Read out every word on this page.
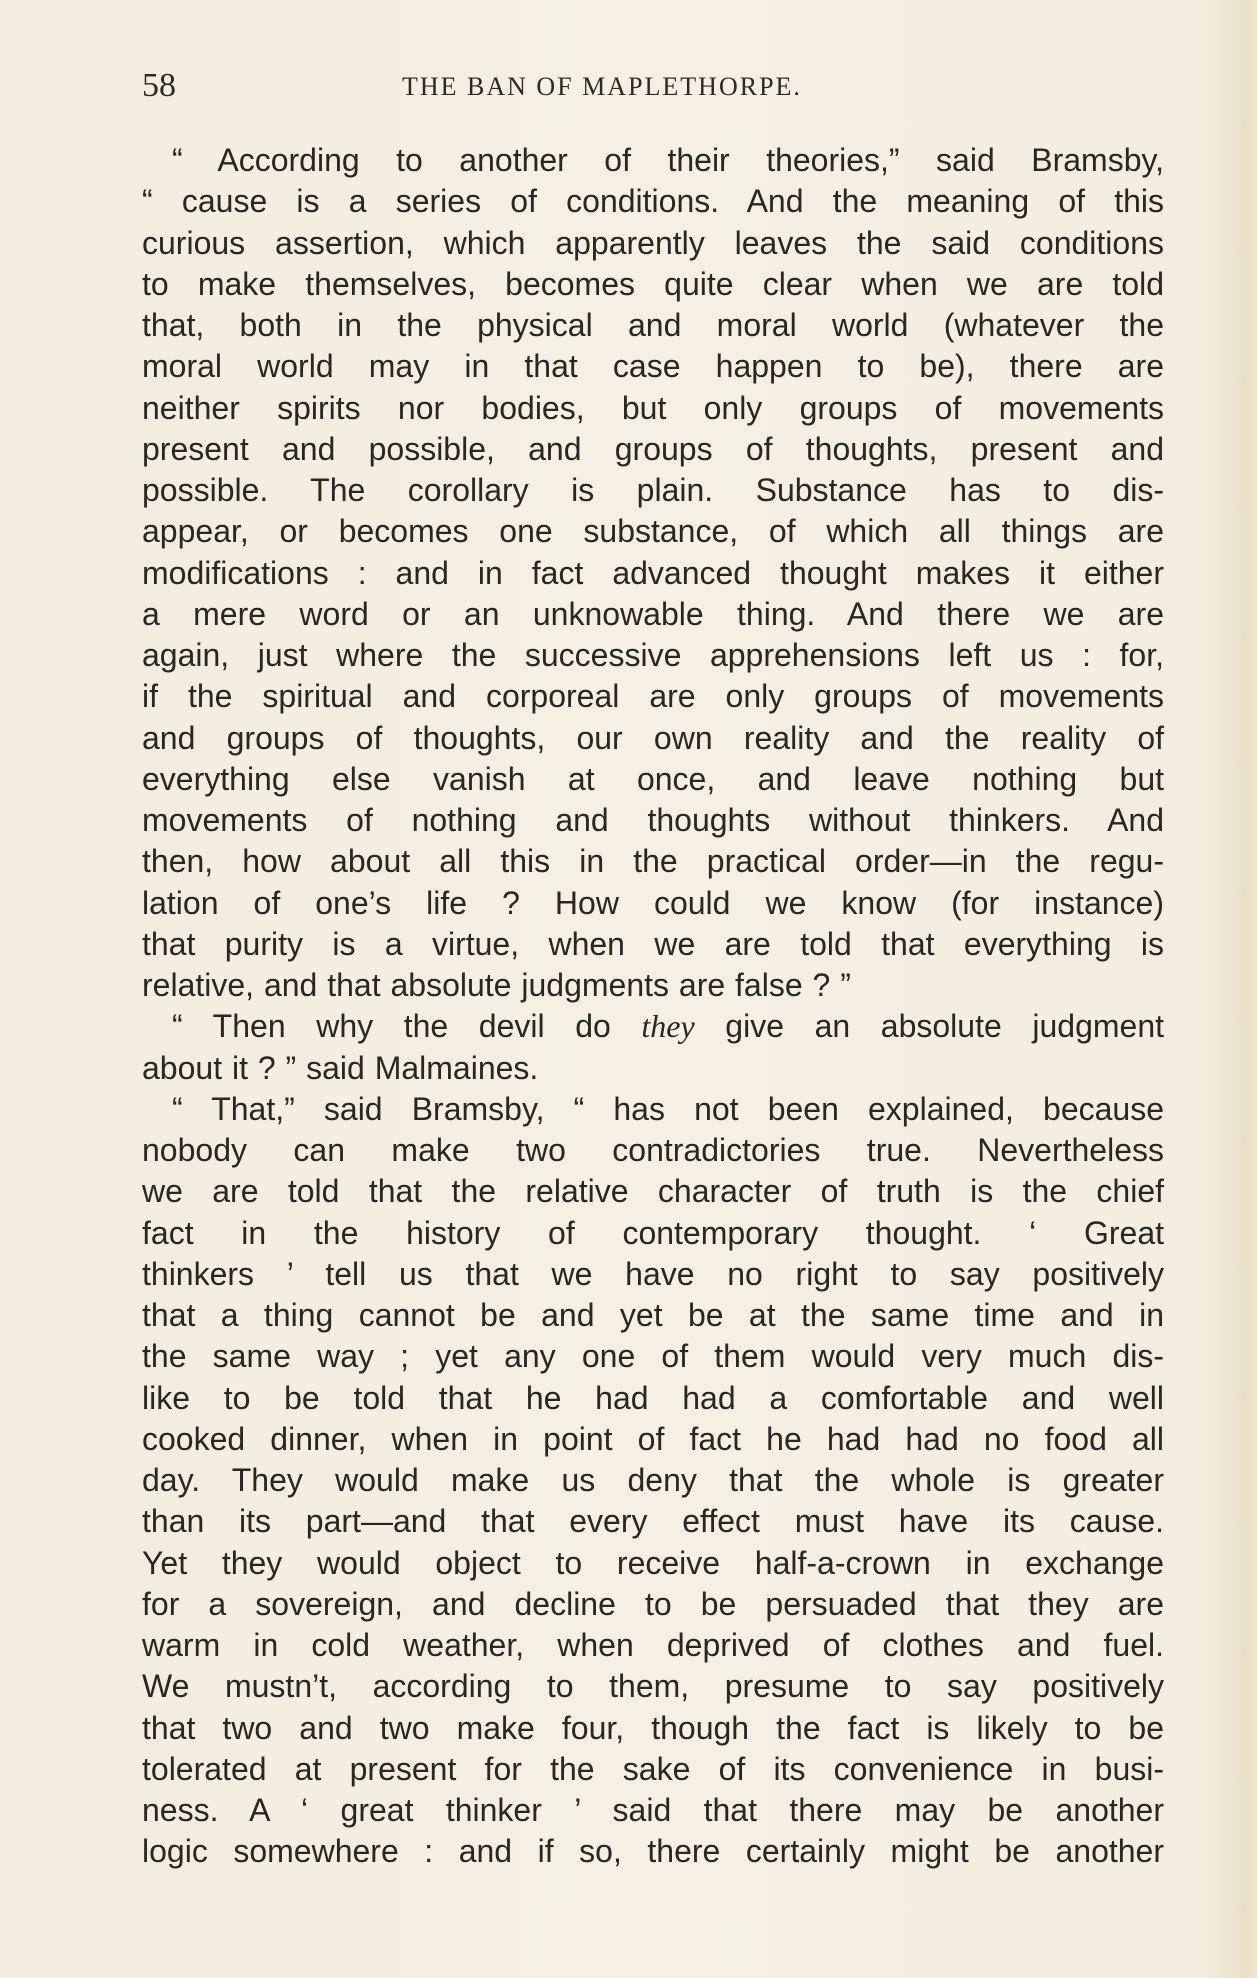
58	THE BAN OF MAPLETHORPE.
“ According to another of their theories,” said Bramsby,
“ cause is a series of conditions. And the meaning of this
curious assertion, which apparently leaves the said conditions
to make themselves, becomes quite clear when we are told
that, both in the physical and moral world (whatever the
moral world may in that case happen to be), there are
neither spirits nor bodies, but only groups of movements
present and possible, and groups of thoughts, present and
possible. The corollary is plain. Substance has to dis-
appear, or becomes one substance, of which all things are
modifications : and in fact advanced thought makes it either
a mere word or an unknowable thing. And there we are
again, just where the successive apprehensions left us : for,
if the spiritual and corporeal are only groups of movements
and groups of thoughts, our own reality and the reality of
everything else vanish at once, and leave nothing but
movements of nothing and thoughts without thinkers. And
then, how about all this in the practical order—in the regu-
lation of one’s life ? How could we know (for instance)
that purity is a virtue, when we are told that everything is
relative, and that absolute judgments are false ? ”
“ Then why the devil do they give an absolute judgment
about it ? ” said Malmaines.
“ That,” said Bramsby, “ has not been explained, because
nobody can make two contradictories true. Nevertheless
we are told that the relative character of truth is the chief
fact in the history of contemporary thought. ‘ Great
thinkers ’ tell us that we have no right to say positively
that a thing cannot be and yet be at the same time and in
the same way ; yet any one of them would very much dis-
like to be told that he had had a comfortable and well
cooked dinner, when in point of fact he had had no food all
day. They would make us deny that the whole is greater
than its part—and that every effect must have its cause.
Yet they would object to receive half-a-crown in exchange
for a sovereign, and decline to be persuaded that they are
warm in cold weather, when deprived of clothes and fuel.
We mustn’t, according to them, presume to say positively
that two and two make four, though the fact is likely to be
tolerated at present for the sake of its convenience in busi-
ness. A ‘ great thinker ’ said that there may be another
logic somewhere : and if so, there certainly might be another
